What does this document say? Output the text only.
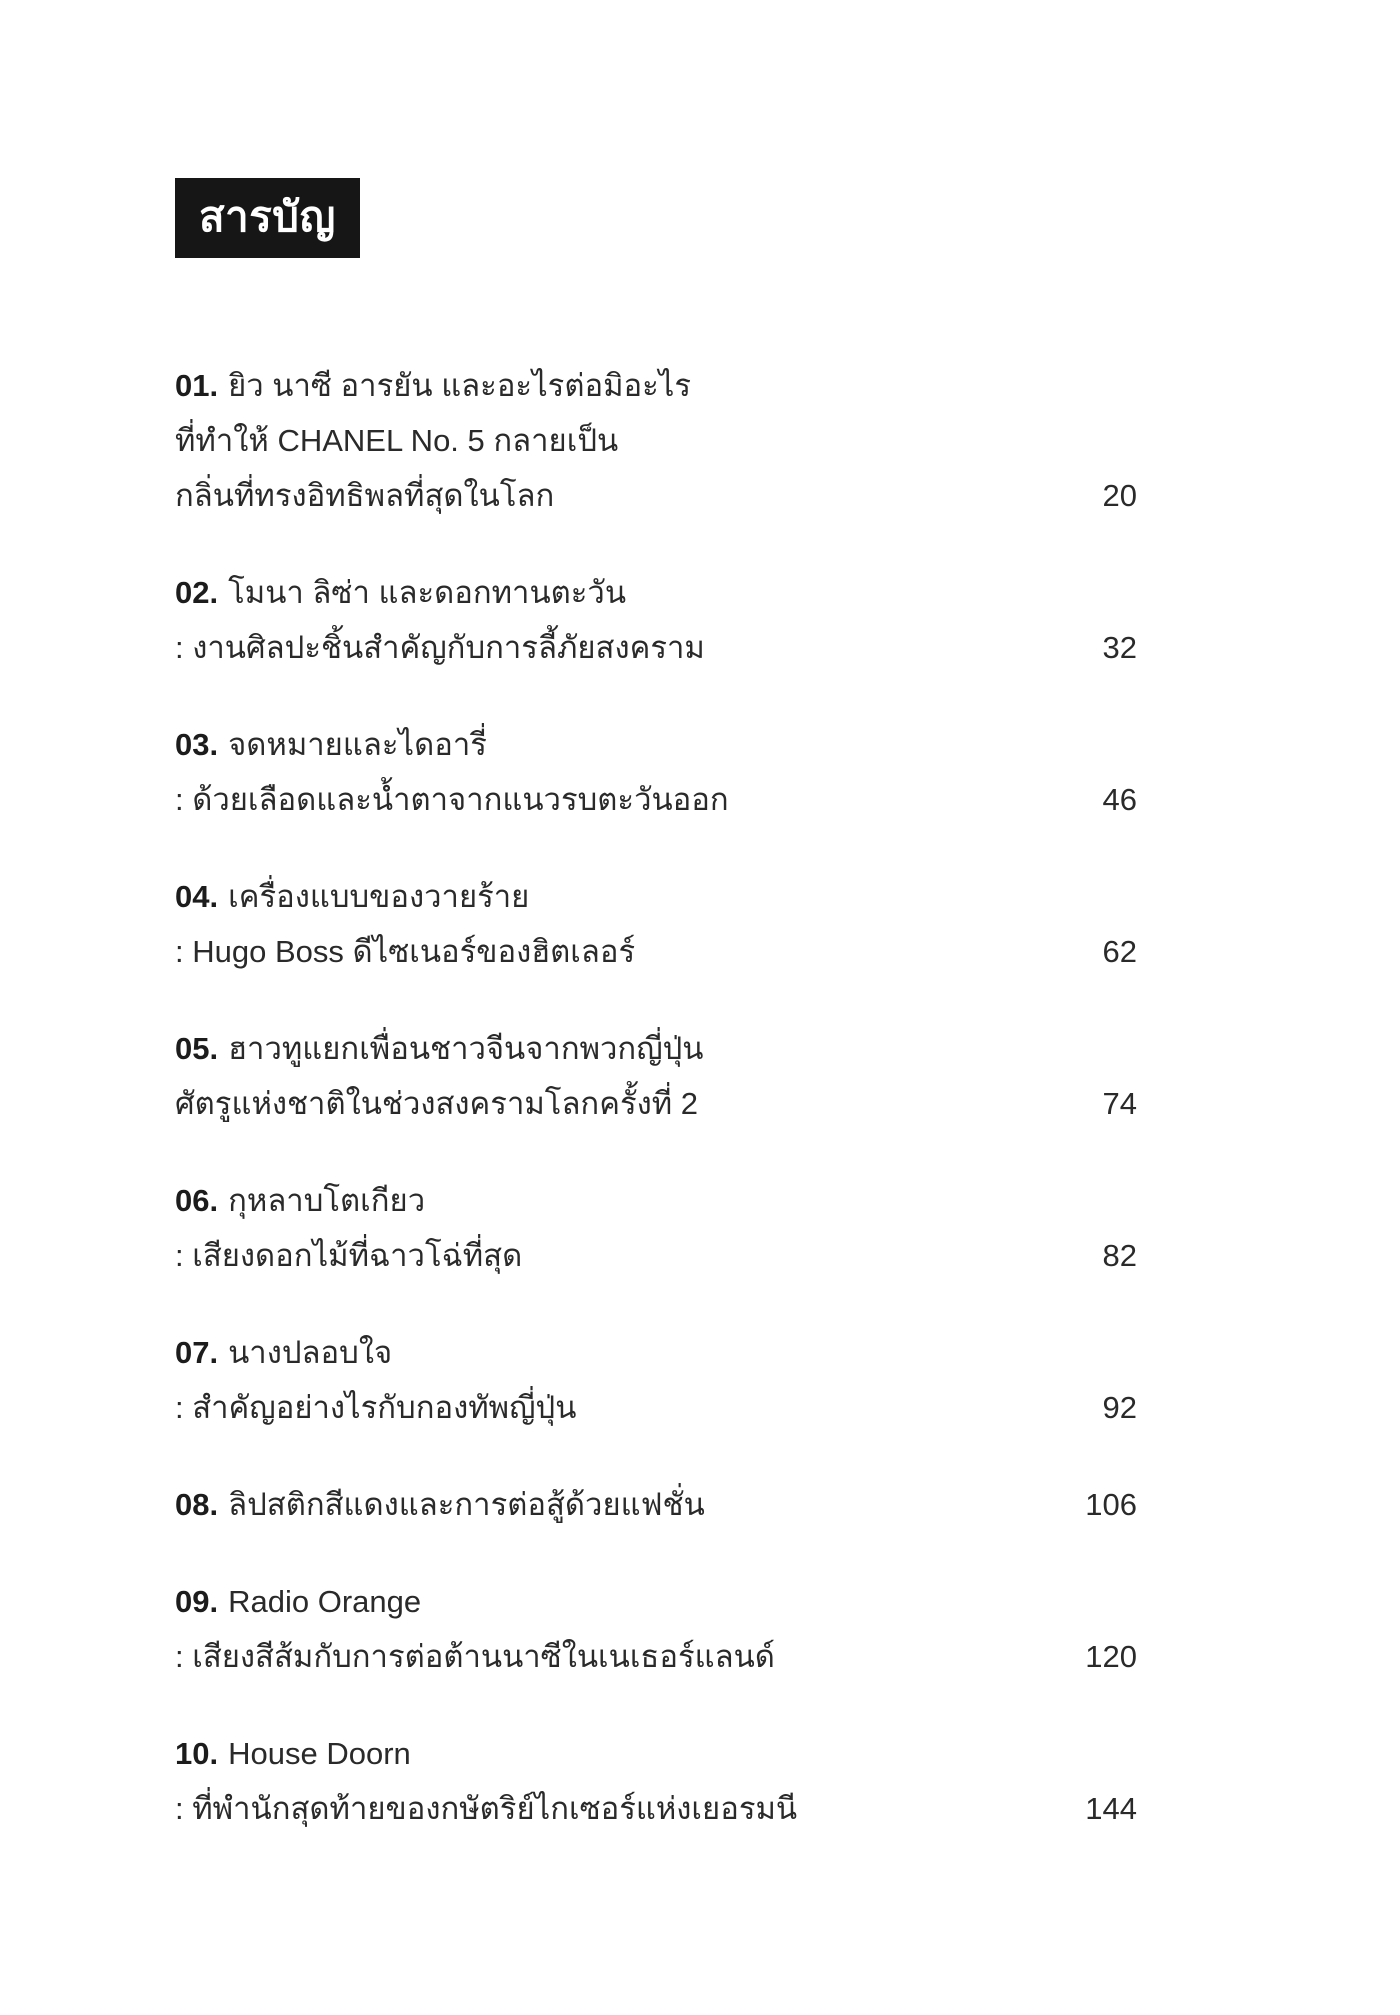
สารบัญ
01. ยิว นาซี อารยัน และอะไรต่อมิอะไร
ที่ทำให้ CHANEL No. 5 กลายเป็น
กลิ่นที่ทรงอิทธิพลที่สุดในโลก	20
02. โมนา ลิซ่า และดอกทานตะวัน
: งานศิลปะชิ้นสำคัญกับการลี้ภัยสงคราม	32
03. จดหมายและไดอารี่
: ด้วยเลือดและน้ำตาจากแนวรบตะวันออก	46
04. เครื่องแบบของวายร้าย
: Hugo Boss ดีไซเนอร์ของฮิตเลอร์	62
05. ฮาวทูแยกเพื่อนชาวจีนจากพวกญี่ปุ่น
ศัตรูแห่งชาติในช่วงสงครามโลกครั้งที่ 2	74
06. กุหลาบโตเกียว
: เสียงดอกไม้ที่ฉาวโฉ่ที่สุด	82
07. นางปลอบใจ
: สำคัญอย่างไรกับกองทัพญี่ปุ่น	92
08. ลิปสติกสีแดงและการต่อสู้ด้วยแฟชั่น	106
09. Radio Orange
: เสียงสีส้มกับการต่อต้านนาซีในเนเธอร์แลนด์	120
10. House Doorn
: ที่พำนักสุดท้ายของกษัตริย์ไกเซอร์แห่งเยอรมนี	144
